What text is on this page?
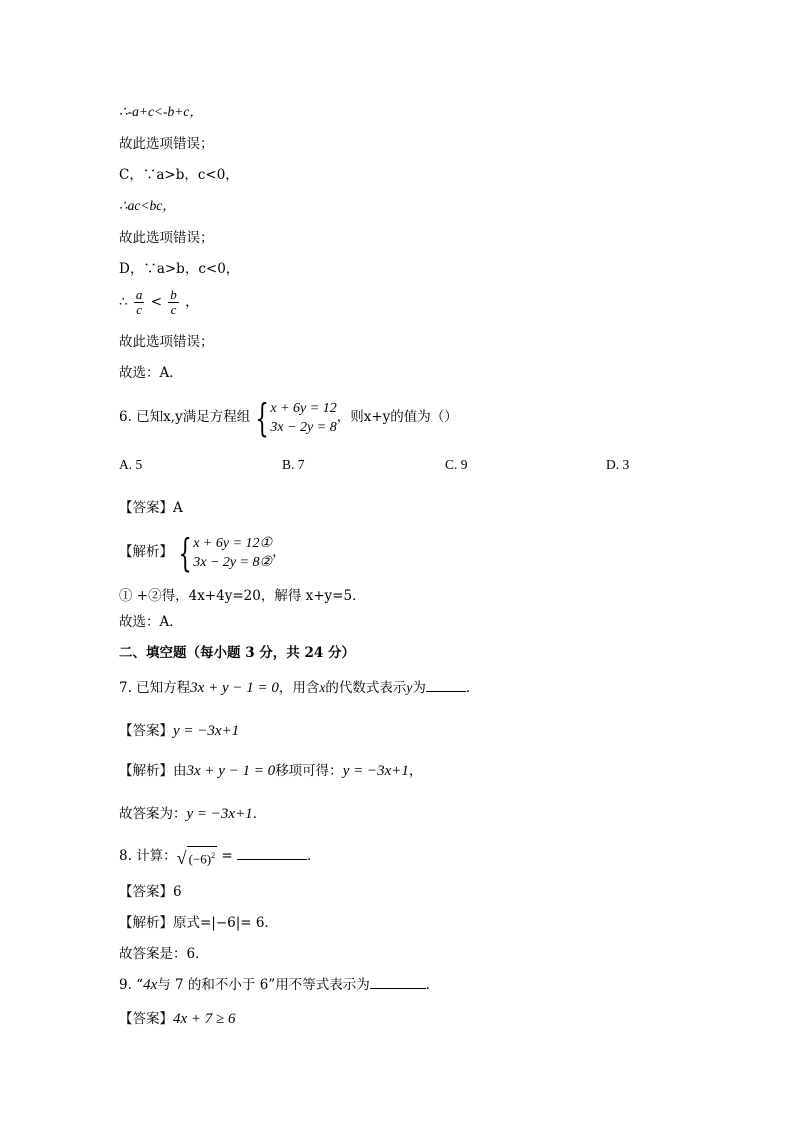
∴-a+c<-b+c，
故此选项错误；
C，∵a>b，c<0，
∴ac<bc，
故此选项错误；
D，∵a>b，c<0，
∴ $\frac{a}{c} < \frac{b}{c}$ ，
故此选项错误；
故选：A．
6. 已知x,y满足方程组 { x + 6y = 12
3x − 2y = 8
，则x+y的值为（）
A. 5	B. 7	C. 9	D. 3
【答案】A
【解析】 { x + 6y = 12①
3x − 2y = 8②
，
① +②得，4x+4y=20，解得 x+y=5．
故选：A．
二、填空题（每小题 3 分，共 24 分）
7. 已知方程3x + y − 1 = 0，用含x的代数式表示y为	．
【答案】y = −3x+1
【解析】由3x + y − 1 = 0移项可得：y = −3x+1，
故答案为：y = −3x+1．
8. 计算： √ $(-6)^2$ =	．
【答案】6
【解析】原式=|−6|= 6．
故答案是：6．
9. “4x与 7 的和不小于 6”用不等式表示为	．
【答案】4x + 7 ≥ 6
